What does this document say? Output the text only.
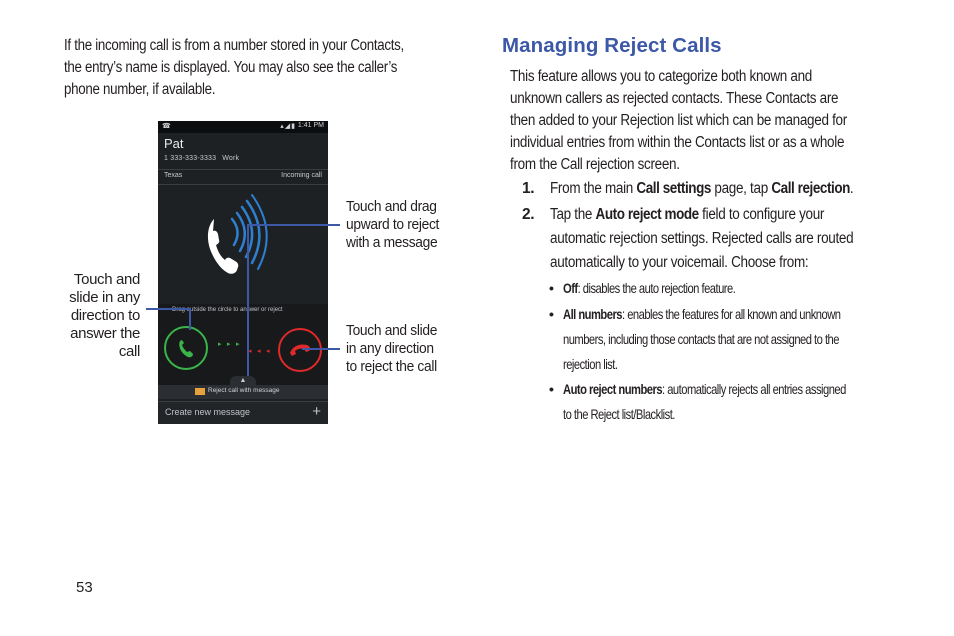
If the incoming call is from a number stored in your Contacts,
the entry’s name is displayed. You may also see the caller’s
phone number, if available.
☎	▴◢▮ 1:41 PM
Pat
1 333-333-3333 Work
Texas	Incoming call
Drag outside the circle to answer or reject
▲
Reject call with message
Create new message	+
▸ ▸ ▸
◂ ◂ ◂
Touch and drag
upward to reject
with a message
Touch and slide
in any direction
to reject the call
Touch and
slide in any
direction to
answer the
call
Managing Reject Calls
This feature allows you to categorize both known and
unknown callers as rejected contacts. These Contacts are
then added to your Rejection list which can be managed for
individual entries from within the Contacts list or as a whole
from the Call rejection screen.
1. From the main Call settings page, tap Call rejection.
2. Tap the Auto reject mode field to configure your
automatic rejection settings. Rejected calls are routed
automatically to your voicemail. Choose from:
• Off: disables the auto rejection feature.
• All numbers: enables the features for all known and unknown
numbers, including those contacts that are not assigned to the
rejection list.
• Auto reject numbers: automatically rejects all entries assigned
to the Reject list/Blacklist.
53
